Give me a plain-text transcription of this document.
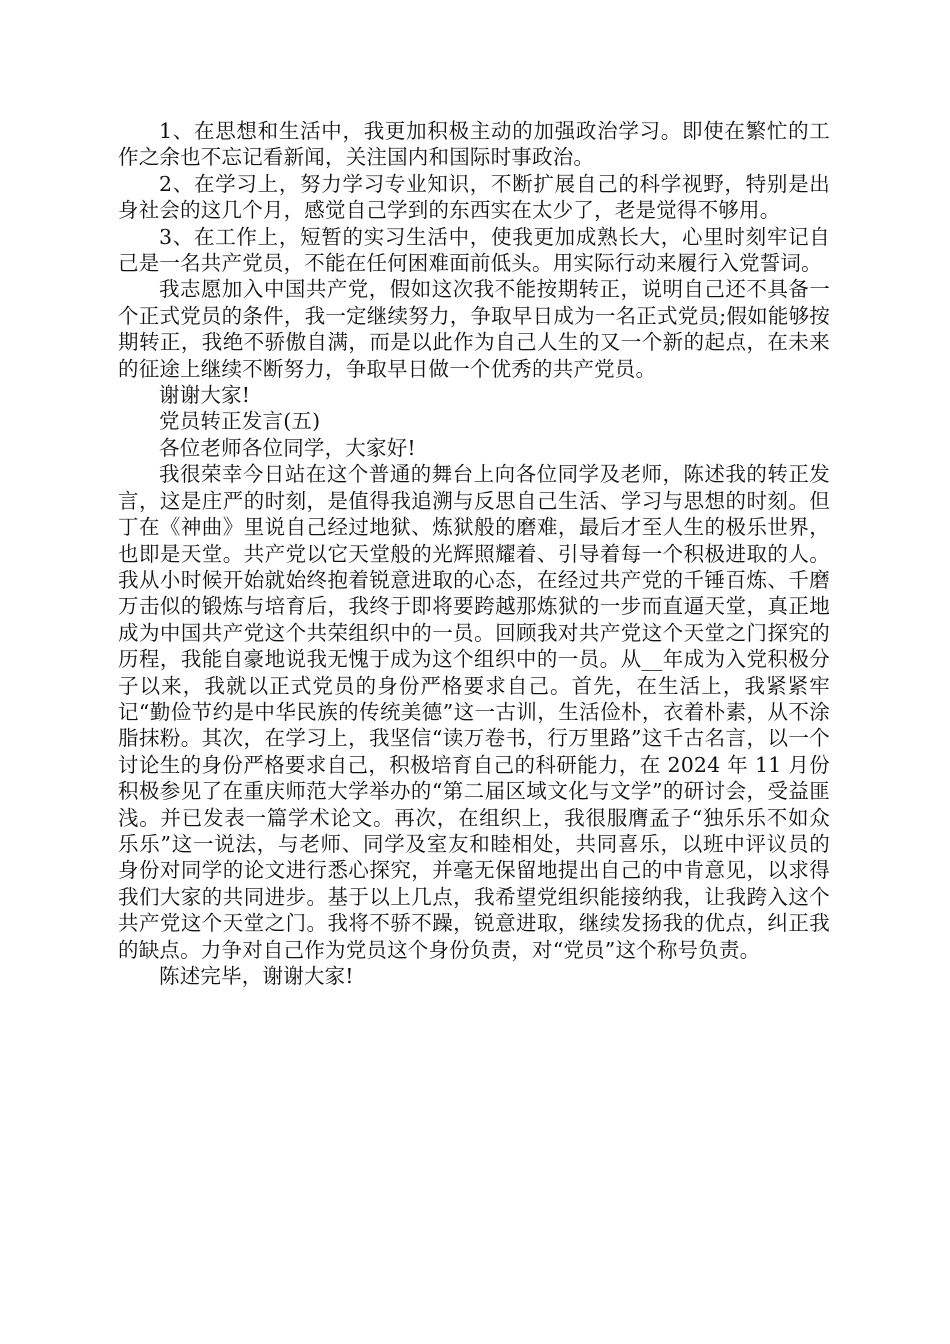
1、在思想和生活中，我更加积极主动的加强政治学习。即使在繁忙的工作之余也不忘记看新闻，关注国内和国际时事政治。

2、在学习上，努力学习专业知识，不断扩展自己的科学视野，特别是出身社会的这几个月，感觉自己学到的东西实在太少了，老是觉得不够用。

3、在工作上，短暂的实习生活中，使我更加成熟长大，心里时刻牢记自己是一名共产党员，不能在任何困难面前低头。用实际行动来履行入党誓词。

我志愿加入中国共产党，假如这次我不能按期转正，说明自己还不具备一个正式党员的条件，我一定继续努力，争取早日成为一名正式党员;假如能够按期转正，我绝不骄傲自满，而是以此作为自己人生的又一个新的起点，在未来的征途上继续不断努力，争取早日做一个优秀的共产党员。

谢谢大家!

党员转正发言(五)

各位老师各位同学，大家好!

我很荣幸今日站在这个普通的舞台上向各位同学及老师，陈述我的转正发言，这是庄严的时刻，是值得我追溯与反思自己生活、学习与思想的时刻。但丁在《神曲》里说自己经过地狱、炼狱般的磨难，最后才至人生的极乐世界，也即是天堂。共产党以它天堂般的光辉照耀着、引导着每一个积极进取的人。我从小时候开始就始终抱着锐意进取的心态，在经过共产党的千锤百炼、千磨万击似的锻炼与培育后，我终于即将要跨越那炼狱的一步而直逼天堂，真正地成为中国共产党这个共荣组织中的一员。回顾我对共产党这个天堂之门探究的历程，我能自豪地说我无愧于成为这个组织中的一员。从__年成为入党积极分子以来，我就以正式党员的身份严格要求自己。首先，在生活上，我紧紧牢记“勤俭节约是中华民族的传统美德”这一古训，生活俭朴，衣着朴素，从不涂脂抹粉。其次，在学习上，我坚信“读万卷书，行万里路”这千古名言，以一个讨论生的身份严格要求自己，积极培育自己的科研能力，在 2024 年 11 月份积极参见了在重庆师范大学举办的“第二届区域文化与文学”的研讨会，受益匪浅。并已发表一篇学术论文。再次，在组织上，我很服膺孟子“独乐乐不如众乐乐”这一说法，与老师、同学及室友和睦相处，共同喜乐，以班中评议员的身份对同学的论文进行悉心探究，并毫无保留地提出自己的中肯意见，以求得我们大家的共同进步。基于以上几点，我希望党组织能接纳我，让我跨入这个共产党这个天堂之门。我将不骄不躁，锐意进取，继续发扬我的优点，纠正我的缺点。力争对自己作为党员这个身份负责，对“党员”这个称号负责。

陈述完毕，谢谢大家!
